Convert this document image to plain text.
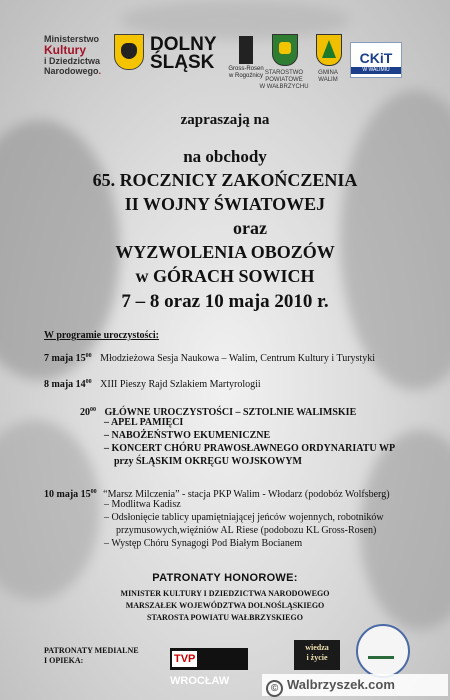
Ministerstwo
Kultury
i Dziedzictwa
Narodowego.
DOLNY
ŚLĄSK	Gross-Rosen
w Rogoźnicy STAROSTWO POWIATOWE
W WAŁBRZYCHU
GMINA
WALIM
CKiT
W WALIMIU
zapraszają na
na obchody
65. ROCZNICY ZAKOŃCZENIA
II WOJNY ŚWIATOWEJ
oraz
WYZWOLENIA OBOZÓW
w GÓRACH SOWICH
7 – 8 oraz 10 maja 2010 r.
W programie uroczystości:
7 maja $15^{00}$ Młodzieżowa Sesja Naukowa – Walim, Centrum Kultury i Turystyki
8 maja $14^{00}$ XIII Pieszy Rajd Szlakiem Martyrologii
$20^{00}$ GŁÓWNE UROCZYSTOŚCI – SZTOLNIE WALIMSKIE
– APEL PAMIĘCI
– NABOŻEŃSTWO EKUMENICZNE
– KONCERT CHÓRU PRAWOSŁAWNEGO ORDYNARIATU WP
przy ŚLĄSKIM OKRĘGU WOJSKOWYM
10 maja $15^{00}$ “Marsz Milczenia” - stacja PKP Walim - Włodarz (podobóz Wolfsberg)
– Modlitwa Kadisz
– Odsłonięcie tablicy upamiętniającej jeńców wojennych, robotników
przymusowych,więźniów AL Riese (podobozu KL Gross-Rosen)
– Występ Chóru Synagogi Pod Białym Bocianem
PATRONATY HONOROWE:
MINISTER KULTURY I DZIEDZICTWA NARODOWEGO
MARSZAŁEK WOJEWÓDZTWA DOLNOŚLĄSKIEGO
STAROSTA POWIATU WAŁBRZYSKIEGO
PATRONATY MEDIALNE
I OPIEKA:	TVP WROCŁAW
wiedza
i życie
© Walbrzyszek.com
